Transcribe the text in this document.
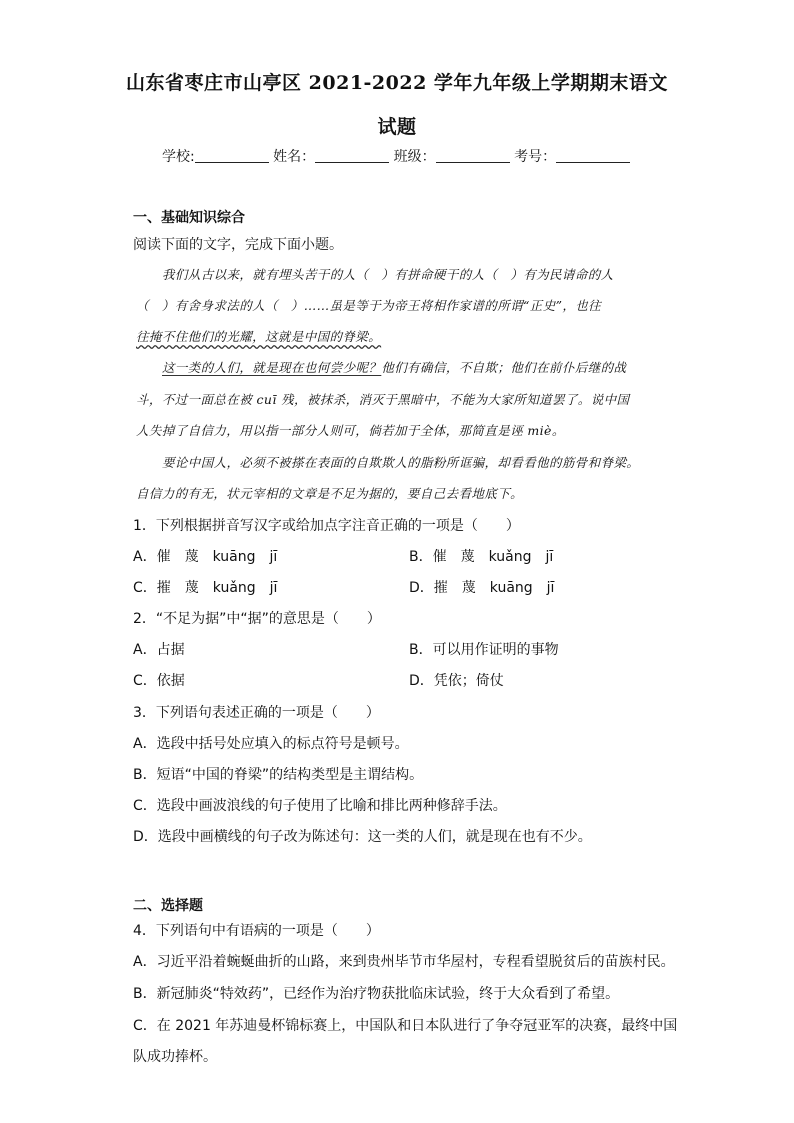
山东省枣庄市山亭区 2021-2022 学年九年级上学期期末语文
试题
学校:	姓名：	班级：	考号：
一、基础知识综合
阅读下面的文字，完成下面小题。
我们从古以来，就有埋头苦干的人（　）有拼命硬干的人（　）有为民请命的人
（　）有舍身求法的人（　）……虽是等于为帝王将相作家谱的所谓“正史”，也往
往掩不住他们的光耀，这就是中国的脊梁。
这一类的人们，就是现在也何尝少呢？他们有确信，不自欺；他们在前仆后继的战
斗，不过一面总在被 cuī 残，被抹杀，消灭于黑暗中，不能为大家所知道罢了。说中国
人失掉了自信力，用以指一部分人则可，倘若加于全体，那简直是诬 miè。
要论中国人，必须不被搽在表面的自欺欺人的脂粉所诓骗，却看看他的筋骨和脊梁。
自信力的有无，状元宰相的文章是不足为据的，要自己去看地底下。
1．下列根据拼音写汉字或给加点字注音正确的一项是（　　）
A．催　蔑　kuāng　jī	B．催　蔑　kuǎng　jī
C．摧　蔑　kuǎng　jī	D．摧　蔑　kuāng　jī
2．“不足为据”中“据”的意思是（　　）
A．占据	B．可以用作证明的事物
C．依据	D．凭依；倚仗
3．下列语句表述正确的一项是（　　）
A．选段中括号处应填入的标点符号是顿号。
B．短语“中国的脊梁”的结构类型是主谓结构。
C．选段中画波浪线的句子使用了比喻和排比两种修辞手法。
D．选段中画横线的句子改为陈述句：这一类的人们，就是现在也有不少。
二、选择题
4．下列语句中有语病的一项是（　　）
A．习近平沿着蜿蜒曲折的山路，来到贵州毕节市华屋村，专程看望脱贫后的苗族村民。
B．新冠肺炎“特效药”，已经作为治疗物获批临床试验，终于大众看到了希望。
C．在 2021 年苏迪曼杯锦标赛上，中国队和日本队进行了争夺冠亚军的决赛，最终中国
队成功捧杯。
